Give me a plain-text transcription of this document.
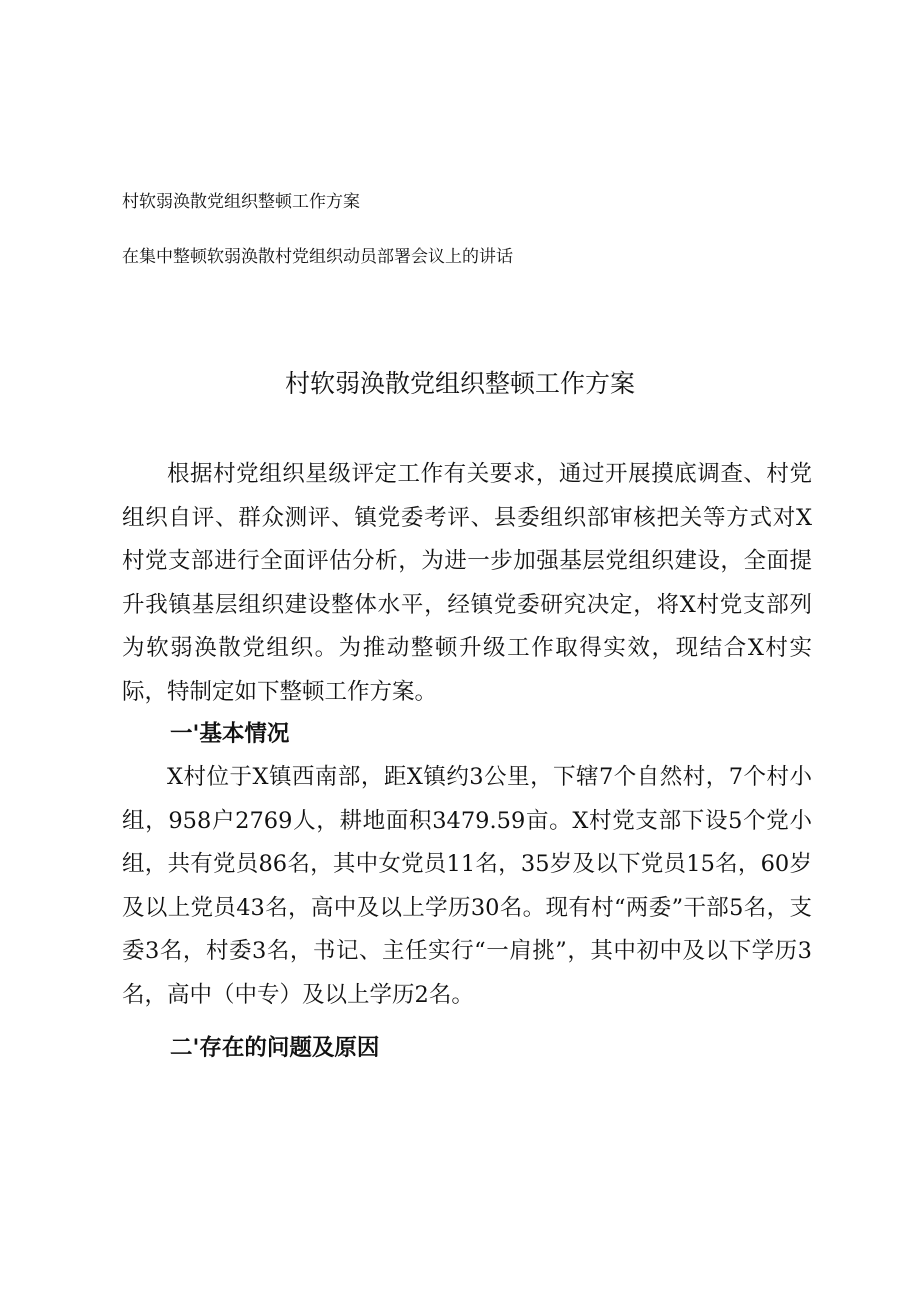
村软弱涣散党组织整顿工作方案
在集中整顿软弱涣散村党组织动员部署会议上的讲话
村软弱涣散党组织整顿工作方案

根据村党组织星级评定工作有关要求，通过开展摸底调查、村党组织自评、群众测评、镇党委考评、县委组织部审核把关等方式对X村党支部进行全面评估分析，为进一步加强基层党组织建设，全面提升我镇基层组织建设整体水平，经镇党委研究决定，将X村党支部列为软弱涣散党组织。为推动整顿升级工作取得实效，现结合X村实际，特制定如下整顿工作方案。

一'基本情况

X村位于X镇西南部，距X镇约3公里，下辖7个自然村，7个村小组，958户2769人，耕地面积3479.59亩。X村党支部下设5个党小组，共有党员86名，其中女党员11名，35岁及以下党员15名，60岁及以上党员43名，高中及以上学历30名。现有村“两委”干部5名，支委3名，村委3名，书记、主任实行“一肩挑”，其中初中及以下学历3名，高中（中专）及以上学历2名。

二'存在的问题及原因
